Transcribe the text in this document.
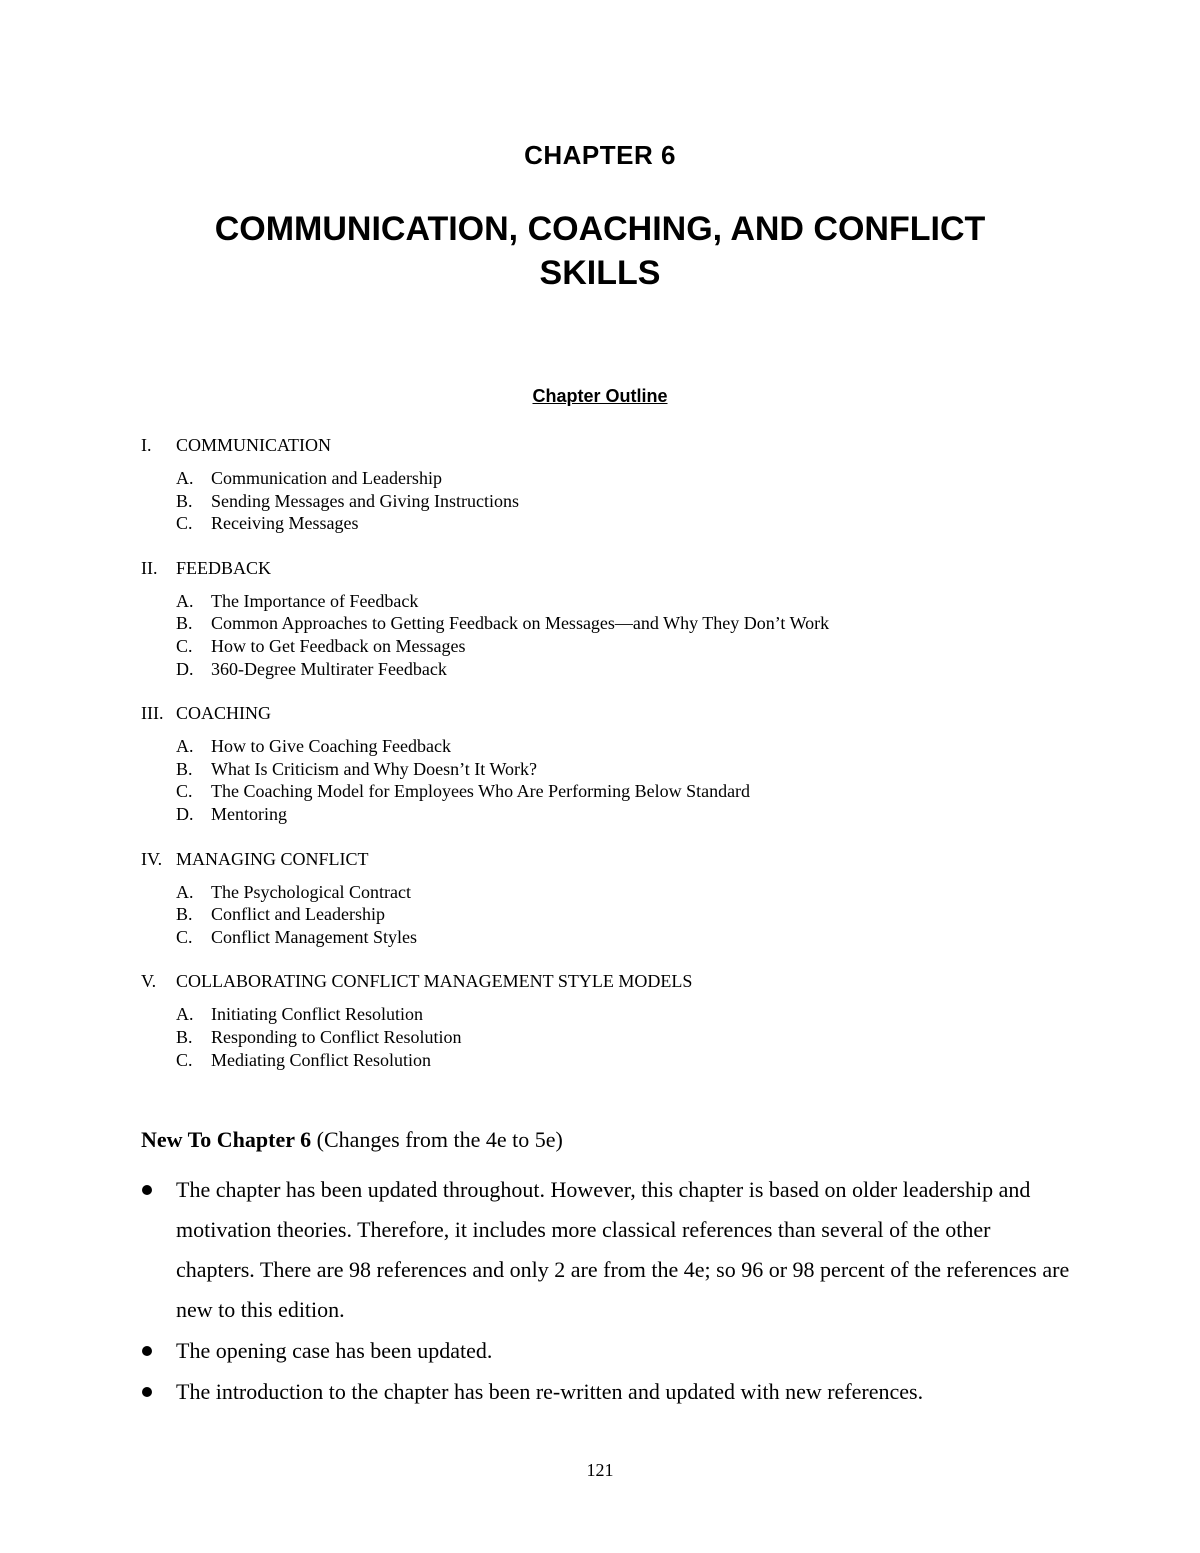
CHAPTER 6
COMMUNICATION, COACHING, AND CONFLICT SKILLS
Chapter Outline
I.	COMMUNICATION
A. Communication and Leadership
B.	Sending Messages and Giving Instructions
C.	Receiving Messages
II.	FEEDBACK
A. The Importance of Feedback
B.	Common Approaches to Getting Feedback on Messages—and Why They Don’t Work
C.	How to Get Feedback on Messages
D. 360-Degree Multirater Feedback
III. COACHING
A. How to Give Coaching Feedback
B.	What Is Criticism and Why Doesn’t It Work?
C.	The Coaching Model for Employees Who Are Performing Below Standard
D. Mentoring
IV. MANAGING CONFLICT
A. The Psychological Contract
B.	Conflict and Leadership
C.	Conflict Management Styles
V.	COLLABORATING CONFLICT MANAGEMENT STYLE MODELS
A. Initiating Conflict Resolution
B.	Responding to Conflict Resolution
C.	Mediating Conflict Resolution
New To Chapter 6 (Changes from the 4e to 5e)
The chapter has been updated throughout. However, this chapter is based on older leadership and motivation theories. Therefore, it includes more classical references than several of the other chapters. There are 98 references and only 2 are from the 4e; so 96 or 98 percent of the references are new to this edition.
The opening case has been updated.
The introduction to the chapter has been re-written and updated with new references.
121
